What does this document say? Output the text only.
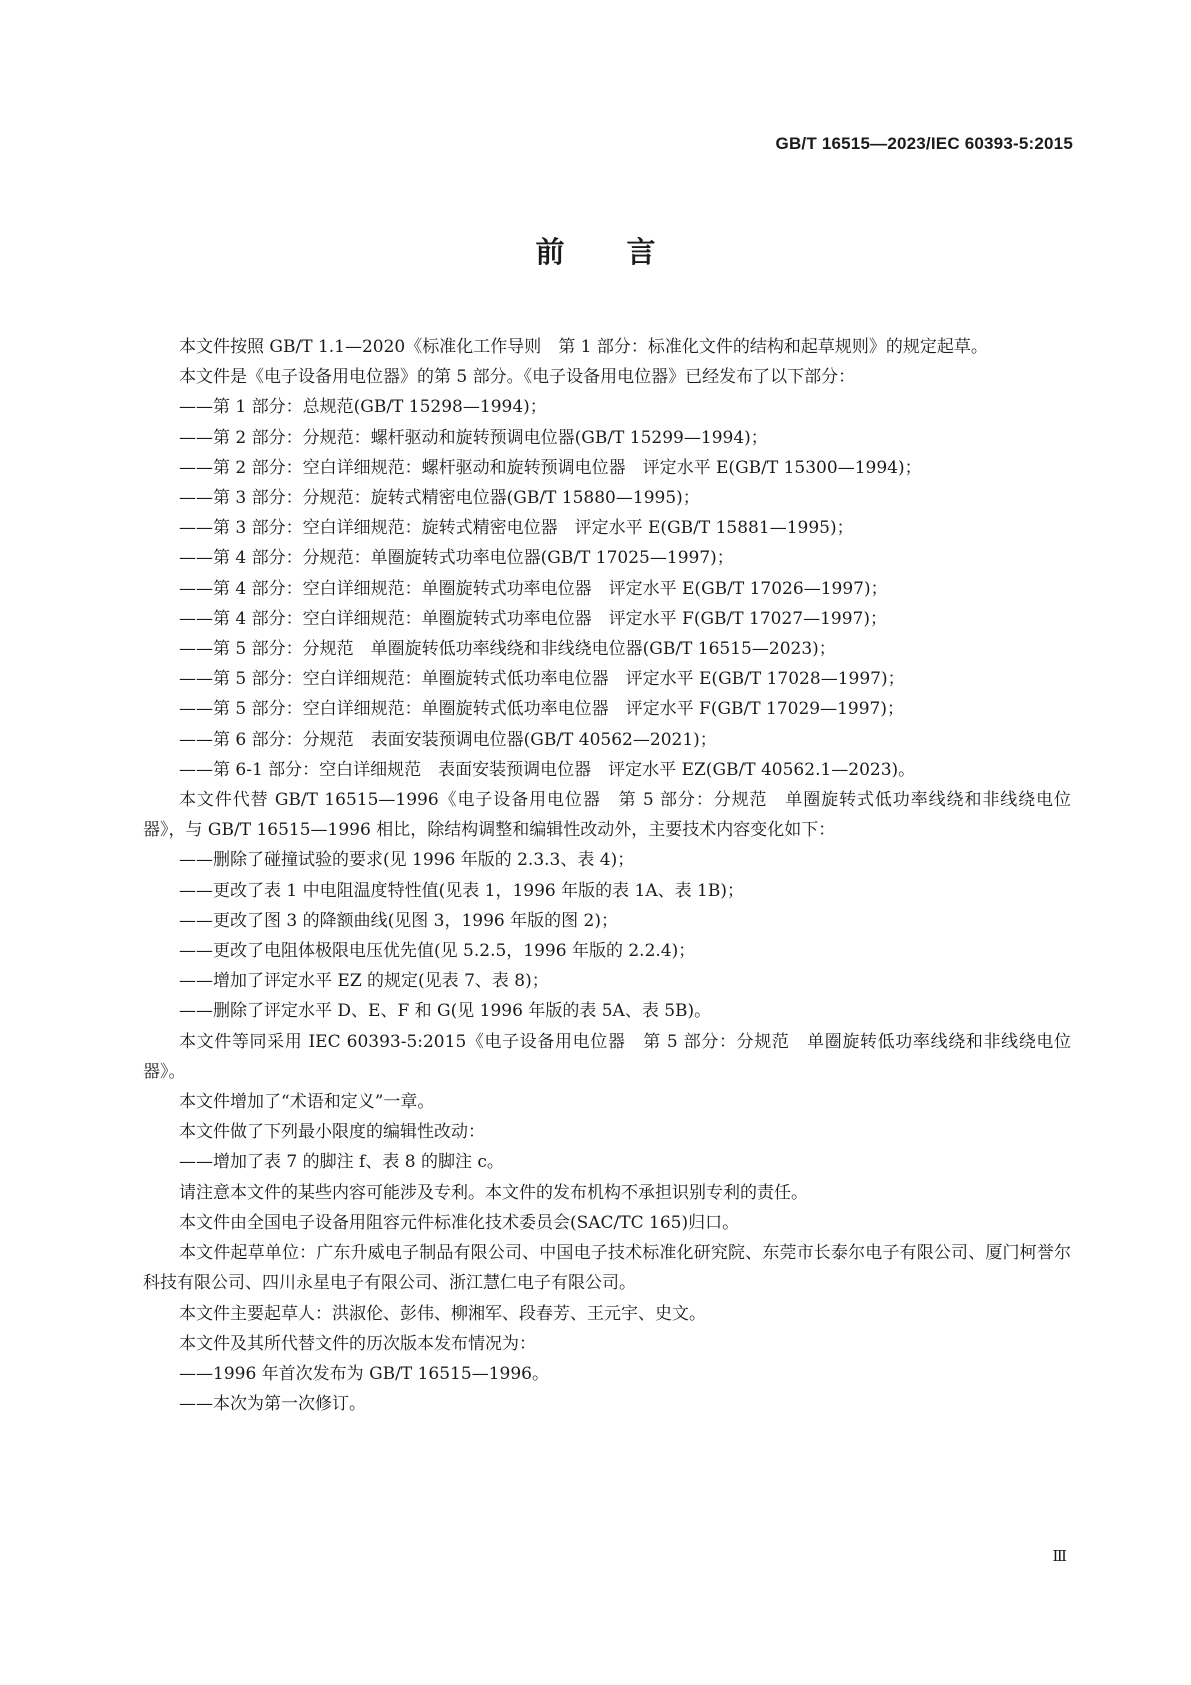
GB/T 16515—2023/IEC 60393-5:2015
前 言

本文件按照 GB/T 1.1—2020《标准化工作导则　第 1 部分：标准化文件的结构和起草规则》的规定起草。

本文件是《电子设备用电位器》的第 5 部分。《电子设备用电位器》已经发布了以下部分：

——第 1 部分：总规范(GB/T 15298—1994)；

——第 2 部分：分规范：螺杆驱动和旋转预调电位器(GB/T 15299—1994)；

——第 2 部分：空白详细规范：螺杆驱动和旋转预调电位器　评定水平 E(GB/T 15300—1994)；

——第 3 部分：分规范：旋转式精密电位器(GB/T 15880—1995)；

——第 3 部分：空白详细规范：旋转式精密电位器　评定水平 E(GB/T 15881—1995)；

——第 4 部分：分规范：单圈旋转式功率电位器(GB/T 17025—1997)；

——第 4 部分：空白详细规范：单圈旋转式功率电位器　评定水平 E(GB/T 17026—1997)；

——第 4 部分：空白详细规范：单圈旋转式功率电位器　评定水平 F(GB/T 17027—1997)；

——第 5 部分：分规范　单圈旋转低功率线绕和非线绕电位器(GB/T 16515—2023)；

——第 5 部分：空白详细规范：单圈旋转式低功率电位器　评定水平 E(GB/T 17028—1997)；

——第 5 部分：空白详细规范：单圈旋转式低功率电位器　评定水平 F(GB/T 17029—1997)；

——第 6 部分：分规范　表面安装预调电位器(GB/T 40562—2021)；

——第 6-1 部分：空白详细规范　表面安装预调电位器　评定水平 EZ(GB/T 40562.1—2023)。

本文件代替 GB/T 16515—1996《电子设备用电位器　第 5 部分：分规范　单圈旋转式低功率线绕和非线绕电位器》，与 GB/T 16515—1996 相比，除结构调整和编辑性改动外，主要技术内容变化如下：

——删除了碰撞试验的要求(见 1996 年版的 2.3.3、表 4)；

——更改了表 1 中电阻温度特性值(见表 1，1996 年版的表 1A、表 1B)；

——更改了图 3 的降额曲线(见图 3，1996 年版的图 2)；

——更改了电阻体极限电压优先值(见 5.2.5，1996 年版的 2.2.4)；

——增加了评定水平 EZ 的规定(见表 7、表 8)；

——删除了评定水平 D、E、F 和 G(见 1996 年版的表 5A、表 5B)。

本文件等同采用 IEC 60393-5:2015《电子设备用电位器　第 5 部分：分规范　单圈旋转低功率线绕和非线绕电位器》。

本文件增加了“术语和定义”一章。

本文件做了下列最小限度的编辑性改动：

——增加了表 7 的脚注 f、表 8 的脚注 c。

请注意本文件的某些内容可能涉及专利。本文件的发布机构不承担识别专利的责任。

本文件由全国电子设备用阻容元件标准化技术委员会(SAC/TC 165)归口。

本文件起草单位：广东升威电子制品有限公司、中国电子技术标准化研究院、东莞市长泰尔电子有限公司、厦门柯誉尔科技有限公司、四川永星电子有限公司、浙江慧仁电子有限公司。

本文件主要起草人：洪淑伦、彭伟、柳湘军、段春芳、王元宇、史文。

本文件及其所代替文件的历次版本发布情况为：

——1996 年首次发布为 GB/T 16515—1996。

——本次为第一次修订。

Ⅲ
